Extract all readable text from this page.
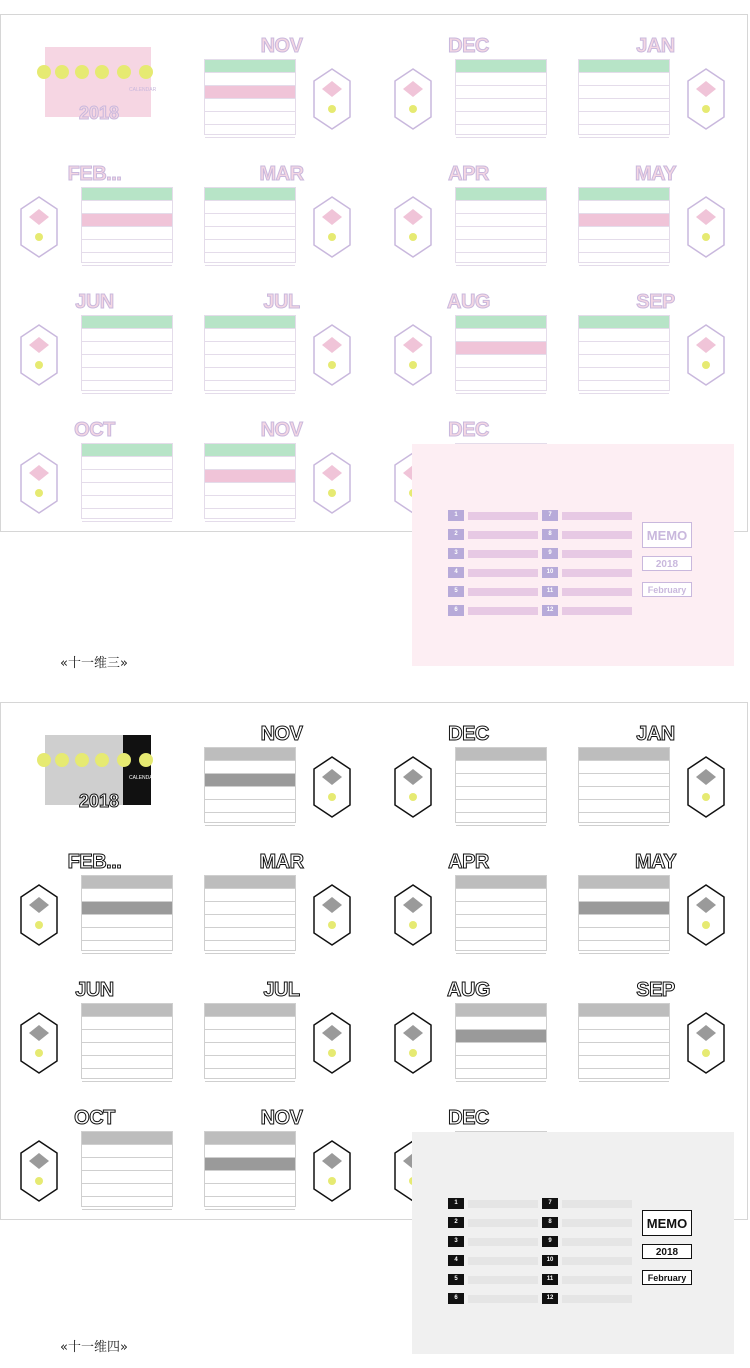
2018
CALENDAR
NOV	DEC	JAN
FEB...	MAR	APR	MAY
JUN	JUL	AUG	SEP
OCT	NOV	DEC
1
2
3
4
5
6
7
8
9
10
11
12
MEMO
2018
February
«十一维三»
2018
CALENDAR
NOV	DEC	JAN
FEB...	MAR	APR	MAY
JUN	JUL	AUG	SEP
OCT	NOV	DEC
1
2
3
4
5
6
7
8
9
10
11
12
MEMO
2018
February
«十一维四»
